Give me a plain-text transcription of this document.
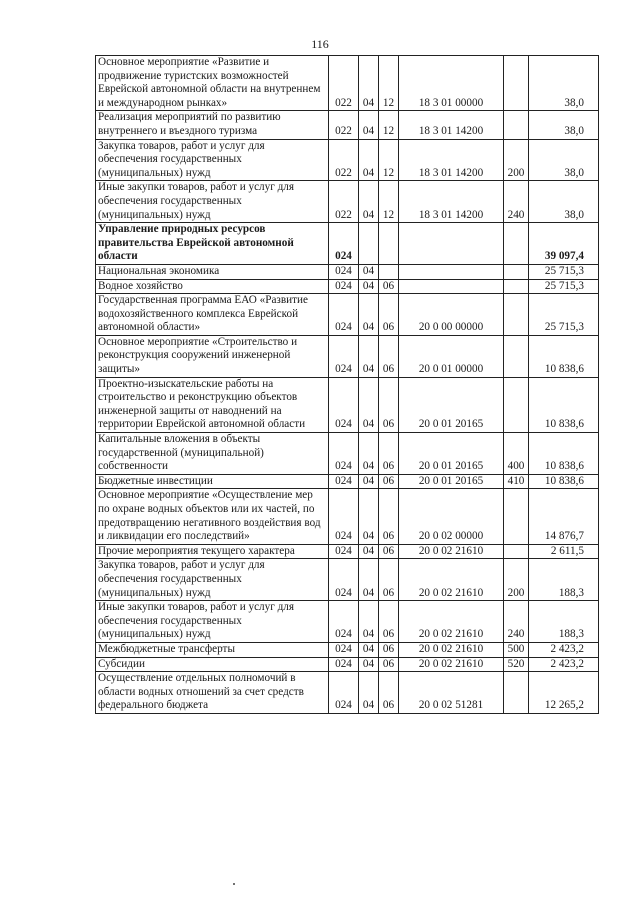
116
Основное мероприятие «Развитие и продвижение туристских возможностей Еврейской автономной области на внутреннем и международном рынках»	022	04	12	18 3 01 00000		38,0
Реализация мероприятий по развитию внутреннего и въездного туризма	022	04	12	18 3 01 14200		38,0
Закупка товаров, работ и услуг для обеспечения государственных (муниципальных) нужд	022	04	12	18 3 01 14200	200	38,0
Иные закупки товаров, работ и услуг для обеспечения государственных (муниципальных) нужд	022	04	12	18 3 01 14200	240	38,0
Управление природных ресурсов правительства Еврейской автономной области	024					39 097,4
Национальная экономика	024	04				25 715,3
Водное хозяйство	024	04	06			25 715,3
Государственная программа ЕАО «Развитие водохозяйственного комплекса Еврейской автономной области»	024	04	06	20 0 00 00000		25 715,3
Основное мероприятие «Строительство и реконструкция сооружений инженерной защиты»	024	04	06	20 0 01 00000		10 838,6
Проектно-изыскательские работы на строительство и реконструкцию объектов инженерной защиты от наводнений на территории Еврейской автономной области	024	04	06	20 0 01 20165		10 838,6
Капитальные вложения в объекты государственной (муниципальной) собственности	024	04	06	20 0 01 20165	400	10 838,6
Бюджетные инвестиции	024	04	06	20 0 01 20165	410	10 838,6
Основное мероприятие «Осуществление мер по охране водных объектов или их частей, по предотвращению негативного воздействия вод и ликвидации его последствий»	024	04	06	20 0 02 00000		14 876,7
Прочие мероприятия текущего характера	024	04	06	20 0 02 21610		2 611,5
Закупка товаров, работ и услуг для обеспечения государственных (муниципальных) нужд	024	04	06	20 0 02 21610	200	188,3
Иные закупки товаров, работ и услуг для обеспечения государственных (муниципальных) нужд	024	04	06	20 0 02 21610	240	188,3
Межбюджетные трансферты	024	04	06	20 0 02 21610	500	2 423,2
Субсидии	024	04	06	20 0 02 21610	520	2 423,2
Осуществление отдельных полномочий в области водных отношений за счет средств федерального бюджета	024	04	06	20 0 02 51281		12 265,2
